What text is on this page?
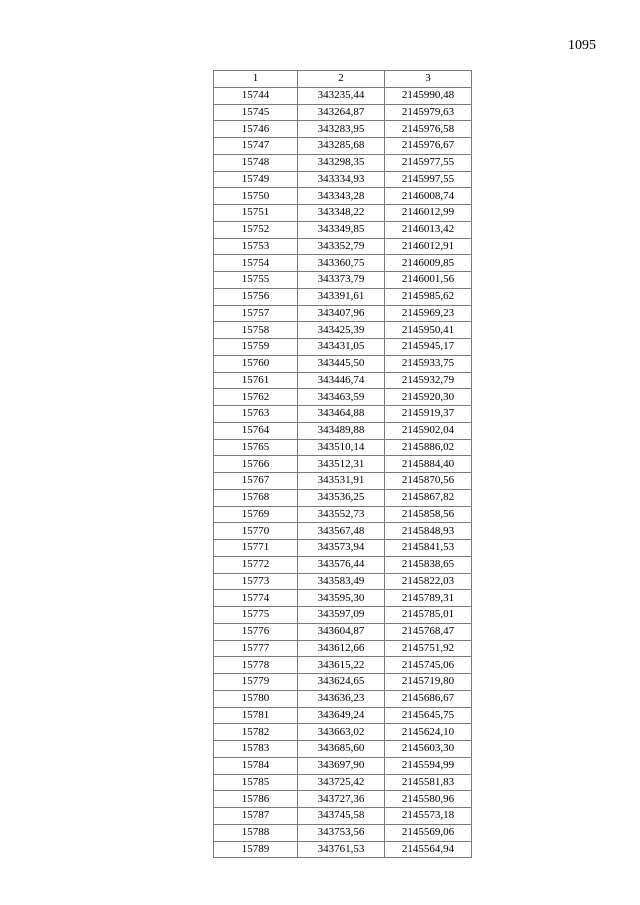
1095
1	2	3
15744	343235,44	2145990,48
15745	343264,87	2145979,63
15746	343283,95	2145976,58
15747	343285,68	2145976,67
15748	343298,35	2145977,55
15749	343334,93	2145997,55
15750	343343,28	2146008,74
15751	343348,22	2146012,99
15752	343349,85	2146013,42
15753	343352,79	2146012,91
15754	343360,75	2146009,85
15755	343373,79	2146001,56
15756	343391,61	2145985,62
15757	343407,96	2145969,23
15758	343425,39	2145950,41
15759	343431,05	2145945,17
15760	343445,50	2145933,75
15761	343446,74	2145932,79
15762	343463,59	2145920,30
15763	343464,88	2145919,37
15764	343489,88	2145902,04
15765	343510,14	2145886,02
15766	343512,31	2145884,40
15767	343531,91	2145870,56
15768	343536,25	2145867,82
15769	343552,73	2145858,56
15770	343567,48	2145848,93
15771	343573,94	2145841,53
15772	343576,44	2145838,65
15773	343583,49	2145822,03
15774	343595,30	2145789,31
15775	343597,09	2145785,01
15776	343604,87	2145768,47
15777	343612,66	2145751,92
15778	343615,22	2145745,06
15779	343624,65	2145719,80
15780	343636,23	2145686,67
15781	343649,24	2145645,75
15782	343663,02	2145624,10
15783	343685,60	2145603,30
15784	343697,90	2145594,99
15785	343725,42	2145581,83
15786	343727,36	2145580,96
15787	343745,58	2145573,18
15788	343753,56	2145569,06
15789	343761,53	2145564,94
